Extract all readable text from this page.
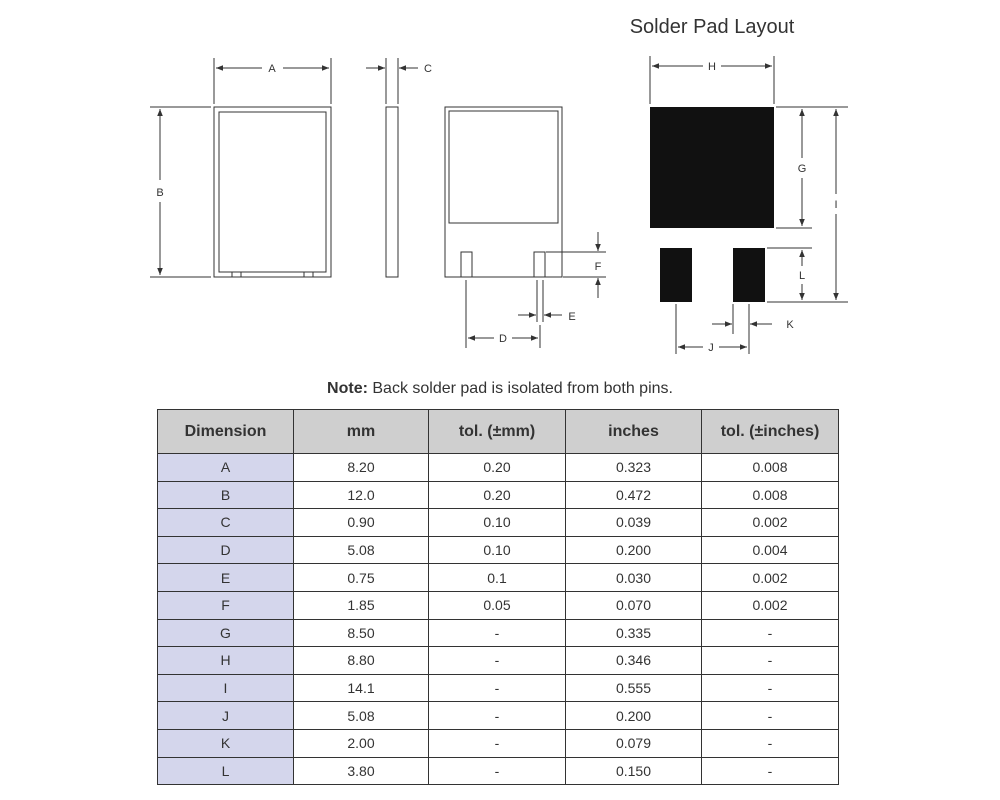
Solder Pad Layout
A
B
C
F
E
D
H
G
L
I
K
J
Note: Back solder pad is isolated from both pins.
Dimension	mm	tol. (±mm)	inches	tol. (±inches)
A	8.20	0.20	0.323	0.008
B	12.0	0.20	0.472	0.008
C	0.90	0.10	0.039	0.002
D	5.08	0.10	0.200	0.004
E	0.75	0.1	0.030	0.002
F	1.85	0.05	0.070	0.002
G	8.50	-	0.335	-
H	8.80	-	0.346	-
I	14.1	-	0.555	-
J	5.08	-	0.200	-
K	2.00	-	0.079	-
L	3.80	-	0.150	-
